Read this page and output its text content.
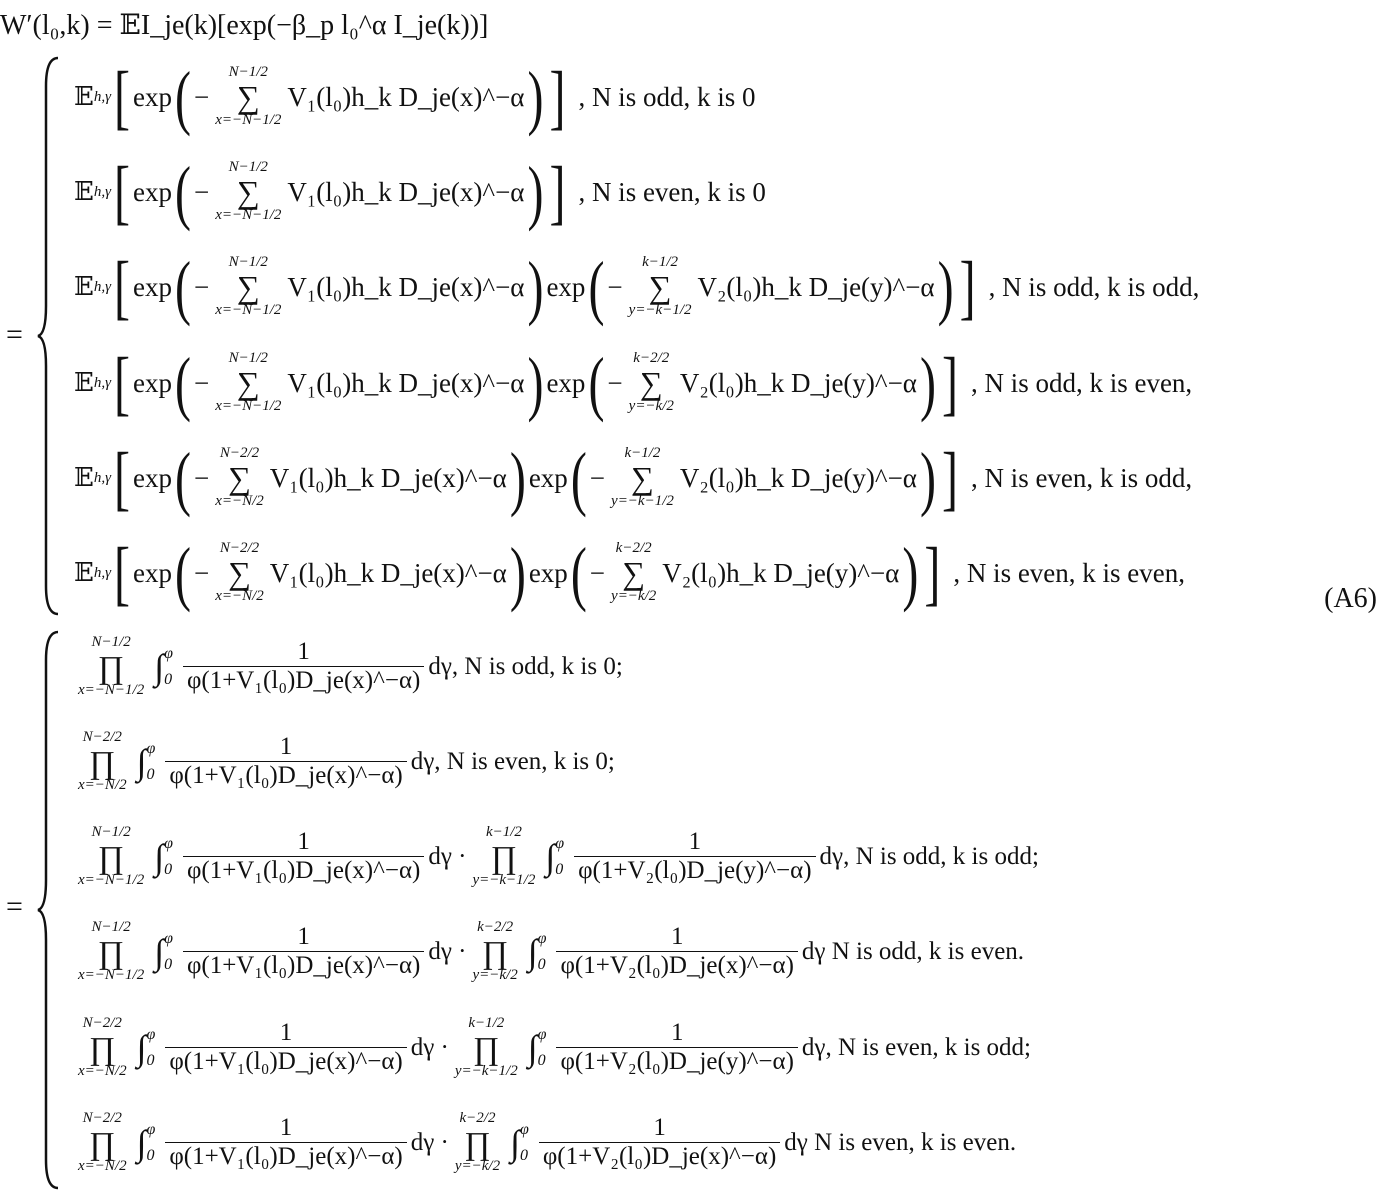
W′(l₀,k) = 𝔼I_je(k)[exp(−β_p l₀^α I_je(k))]
=
=
(A6)
𝔼 h,γ [ exp ( −
N−1/2
∑
x=−N−1/2
V₁(l₀)h_k D_je(x)^−α ) ] , N is odd, k is 0
𝔼 h,γ [ exp ( −
N−1/2
∑
x=−N−1/2
V₁(l₀)h_k D_je(x)^−α ) ] , N is even, k is 0
𝔼 h,γ [ exp ( −
N−1/2
∑
x=−N−1/2
V₁(l₀)h_k D_je(x)^−α ) exp ( −
k−1/2
∑
y=−k−1/2
V₂(l₀)h_k D_je(y)^−α ) ] , N is odd, k is odd,
𝔼 h,γ [ exp ( −
N−1/2
∑
x=−N−1/2
V₁(l₀)h_k D_je(x)^−α ) exp ( −
k−2/2
∑
y=−k/2
V₂(l₀)h_k D_je(y)^−α ) ] , N is odd, k is even,
𝔼 h,γ [ exp ( −
N−2/2
∑
x=−N/2
V₁(l₀)h_k D_je(x)^−α ) exp ( −
k−1/2
∑
y=−k−1/2
V₂(l₀)h_k D_je(y)^−α ) ] , N is even, k is odd,
𝔼 h,γ [ exp ( −
N−2/2
∑
x=−N/2
V₁(l₀)h_k D_je(x)^−α ) exp ( −
k−2/2
∑
y=−k/2
V₂(l₀)h_k D_je(y)^−α ) ] , N is even, k is even,
N−1/2
∏
x=−N−1/2
∫ φ
$0 \frac{1}{\text{φ(1+V₁(l₀)D\_je(x)\textasciicircum{}−α)}} d\gamma$, N is odd, k is 0;
N−2/2
∏
x=−N/2
∫ φ
$0 \frac{1}{\text{φ(1+V₁(l₀)D\_je(x)\textasciicircum{}−α)}} d\gamma$, N is even, k is 0;
N−1/2
∏
x=−N−1/2
∫ φ
$0 \frac{1}{\text{φ(1+V₁(l₀)D\_je(x)\textasciicircum{}−α)}}$ dγ ·
k−1/2
∏
y=−k−1/2
∫ φ
$0 \frac{1}{\text{φ(1+V₂(l₀)D\_je(y)\textasciicircum{}−α)}} d\gamma$, N is odd, k is odd;
N−1/2
∏
x=−N−1/2
∫ φ
$0 \frac{1}{\text{φ(1+V₁(l₀)D\_je(x)\textasciicircum{}−α)}}$ dγ ·
k−2/2
∏
y=−k/2
∫ φ
$0 \frac{1}{\text{φ(1+V₂(l₀)D\_je(x)\textasciicircum{}−α)}}$ dγ N is odd, k is even.
N−2/2
∏
x=−N/2
∫ φ
$0 \frac{1}{\text{φ(1+V₁(l₀)D\_je(x)\textasciicircum{}−α)}}$ dγ ·
k−1/2
∏
y=−k−1/2
∫ φ
$0 \frac{1}{\text{φ(1+V₂(l₀)D\_je(y)\textasciicircum{}−α)}} d\gamma$, N is even, k is odd;
N−2/2
∏
x=−N/2
∫ φ
$0 \frac{1}{\text{φ(1+V₁(l₀)D\_je(x)\textasciicircum{}−α)}}$ dγ ·
k−2/2
∏
y=−k/2
∫ φ
$0 \frac{1}{\text{φ(1+V₂(l₀)D\_je(x)\textasciicircum{}−α)}}$ dγ N is even, k is even.
